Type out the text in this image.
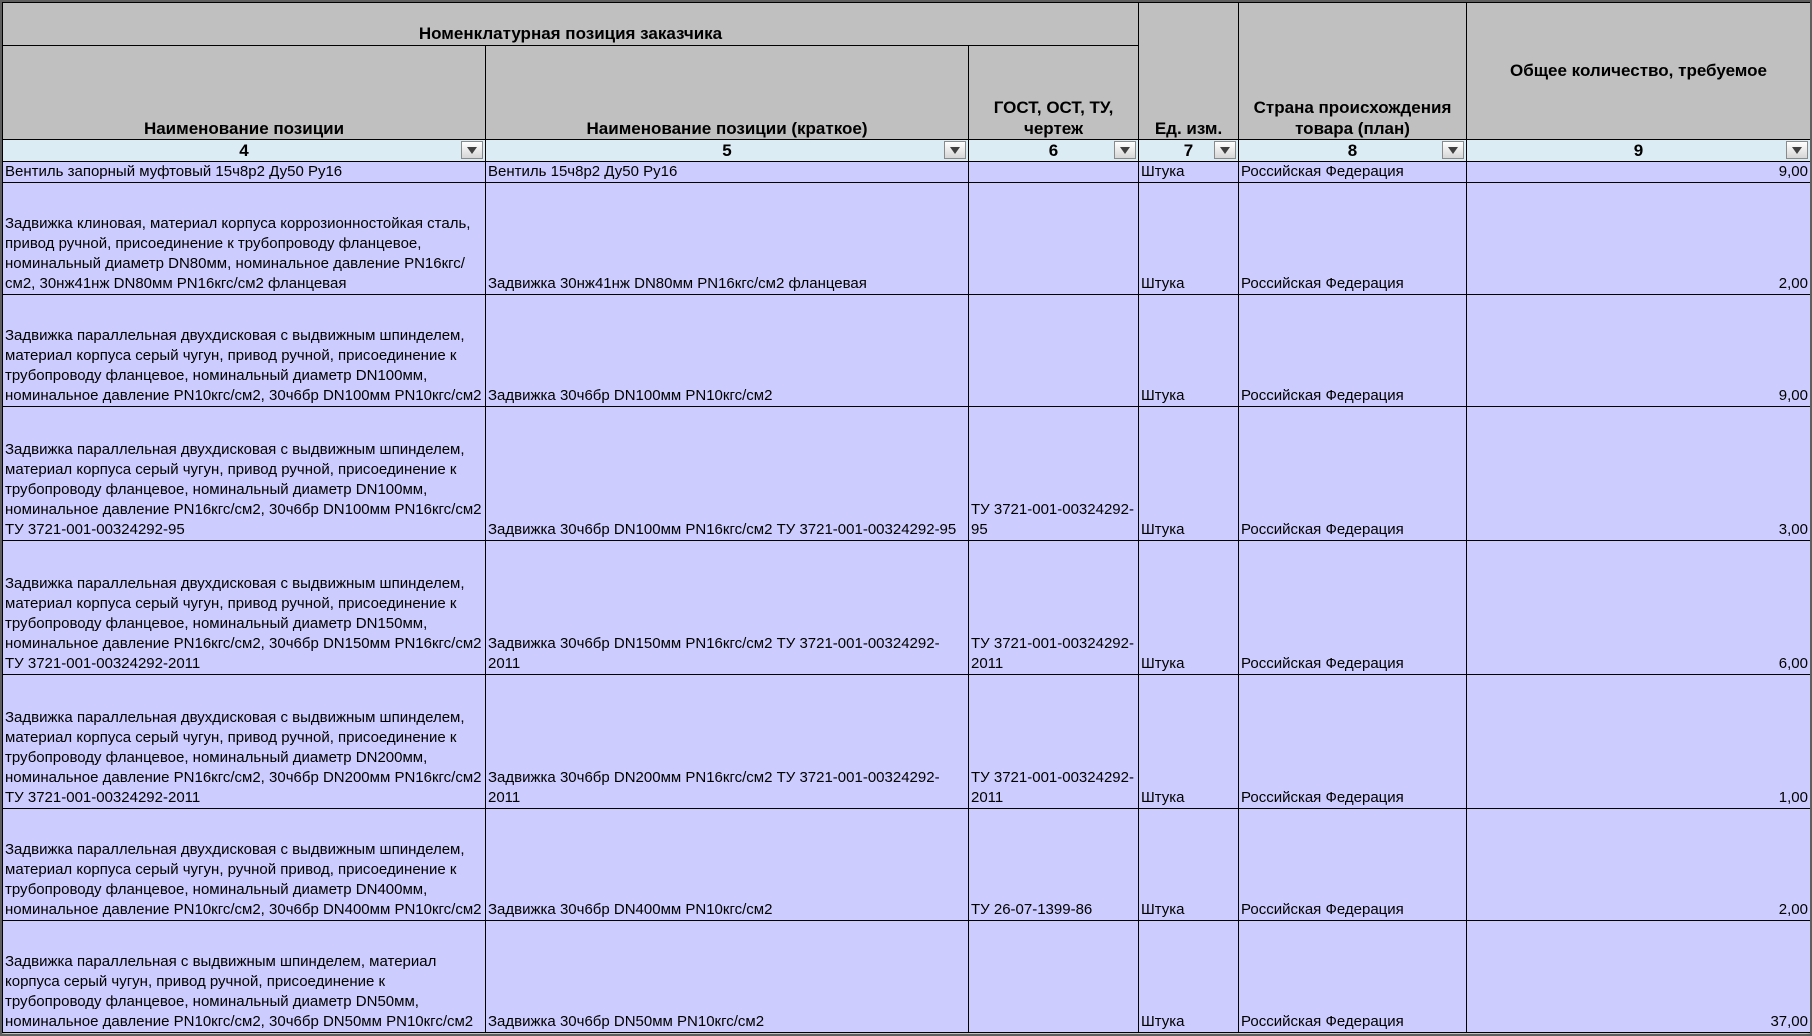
Номенклатурная позиция заказчика			Ед. изм.	Страна происхождения товара (план)	Общее количество, требуемое
Наименование позиции	Наименование позиции (краткое)	ГОСТ, ОСТ, ТУ, чертеж			
4	5	6	7	8	9

Вентиль запорный муфтовый 15ч8р2 Ду50 Ру16	Вентиль 15ч8р2 Ду50 Ру16		Штука	Российская Федерация	9,00
Задвижка клиновая, материал корпуса коррозионностойкая сталь, привод ручной, присоединение к трубопроводу фланцевое, номинальный диаметр DN80мм, номинальное давление PN16кгс/см2, 30нж41нж DN80мм PN16кгс/см2 фланцевая	Задвижка 30нж41нж DN80мм PN16кгс/см2 фланцевая		Штука	Российская Федерация	2,00
Задвижка параллельная двухдисковая с выдвижным шпинделем, материал корпуса серый чугун, привод ручной, присоединение к трубопроводу фланцевое, номинальный диаметр DN100мм, номинальное давление PN10кгс/см2, 30ч6бр DN100мм PN10кгс/см2	Задвижка 30ч6бр DN100мм PN10кгс/см2		Штука	Российская Федерация	9,00
Задвижка параллельная двухдисковая с выдвижным шпинделем, материал корпуса серый чугун, привод ручной, присоединение к трубопроводу фланцевое, номинальный диаметр DN100мм, номинальное давление PN16кгс/см2, 30ч6бр DN100мм PN16кгс/см2 ТУ 3721-001-00324292-95	Задвижка 30ч6бр DN100мм PN16кгс/см2 ТУ 3721-001-00324292-95	ТУ 3721-001-00324292-95	Штука	Российская Федерация	3,00
Задвижка параллельная двухдисковая с выдвижным шпинделем, материал корпуса серый чугун, привод ручной, присоединение к трубопроводу фланцевое, номинальный диаметр DN150мм, номинальное давление PN16кгс/см2, 30ч6бр DN150мм PN16кгс/см2 ТУ 3721-001-00324292-2011	Задвижка 30ч6бр DN150мм PN16кгс/см2 ТУ 3721-001-00324292-2011	ТУ 3721-001-00324292-2011	Штука	Российская Федерация	6,00
Задвижка параллельная двухдисковая с выдвижным шпинделем, материал корпуса серый чугун, привод ручной, присоединение к трубопроводу фланцевое, номинальный диаметр DN200мм, номинальное давление PN16кгс/см2, 30ч6бр DN200мм PN16кгс/см2 ТУ 3721-001-00324292-2011	Задвижка 30ч6бр DN200мм PN16кгс/см2 ТУ 3721-001-00324292-2011	ТУ 3721-001-00324292-2011	Штука	Российская Федерация	1,00
Задвижка параллельная двухдисковая с выдвижным шпинделем, материал корпуса серый чугун, ручной привод, присоединение к трубопроводу фланцевое, номинальный диаметр DN400мм, номинальное давление PN10кгс/см2, 30ч6бр DN400мм PN10кгс/см2	Задвижка 30ч6бр DN400мм PN10кгс/см2	ТУ 26-07-1399-86	Штука	Российская Федерация	2,00
Задвижка параллельная с выдвижным шпинделем, материал корпуса серый чугун, привод ручной, присоединение к трубопроводу фланцевое, номинальный диаметр DN50мм, номинальное давление PN10кгс/см2, 30ч6бр DN50мм PN10кгс/см2	Задвижка 30ч6бр DN50мм PN10кгс/см2		Штука	Российская Федерация	37,00
